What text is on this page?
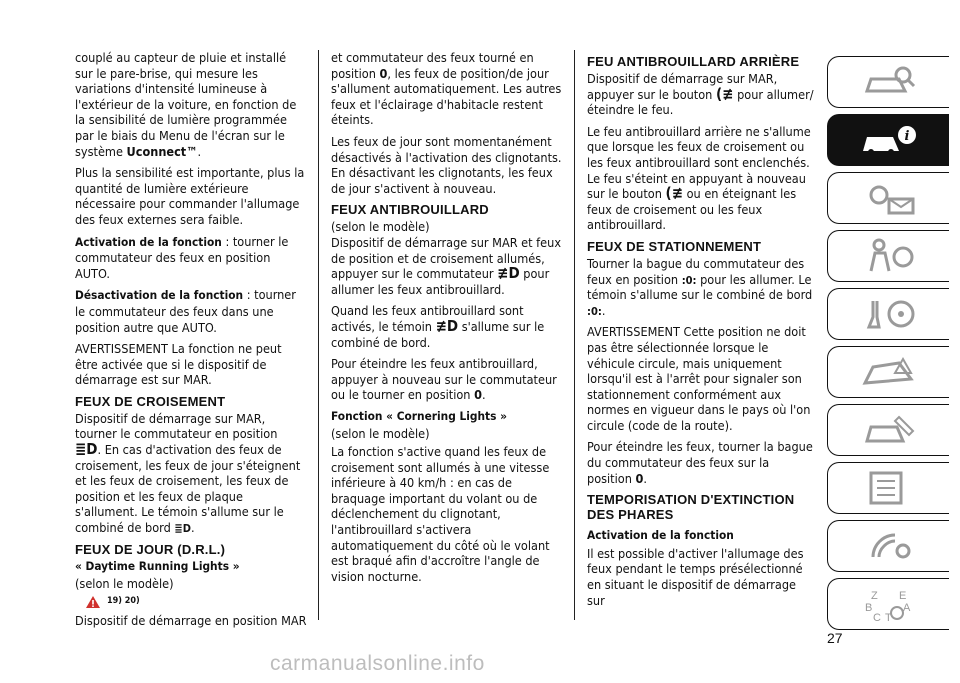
couplé au capteur de pluie et installé sur le pare-brise, qui mesure les variations d'intensité lumineuse à l'extérieur de la voiture, en fonction de la sensibilité de lumière programmée par le biais du Menu de l'écran sur le système Uconnect™.

Plus la sensibilité est importante, plus la quantité de lumière extérieure nécessaire pour commander l'allumage des feux externes sera faible.

Activation de la fonction : tourner le commutateur des feux en position AUTO.

Désactivation de la fonction : tourner le commutateur des feux dans une position autre que AUTO.

AVERTISSEMENT La fonction ne peut être activée que si le dispositif de démarrage est sur MAR.

FEUX DE CROISEMENT

Dispositif de démarrage sur MAR, tourner le commutateur en position
≣D. En cas d'activation des feux de croisement, les feux de jour s'éteignent et les feux de croisement, les feux de position et les feux de plaque s'allument. Le témoin s'allume sur le combiné de bord ≣D.

FEUX DE JOUR (D.R.L.)
« Daytime Running Lights »

(selon le modèle)

19) 20)

Dispositif de démarrage en position MAR

et commutateur des feux tourné en position 0, les feux de position/de jour s'allument automatiquement. Les autres feux et l'éclairage d'habitacle restent éteints.

Les feux de jour sont momentanément désactivés à l'activation des clignotants. En désactivant les clignotants, les feux de jour s'activent à nouveau.

FEUX ANTIBROUILLARD

(selon le modèle)

Dispositif de démarrage sur MAR et feux de position et de croisement allumés, appuyer sur le commutateur ≢D pour allumer les feux antibrouillard.

Quand les feux antibrouillard sont activés, le témoin ≢D s'allume sur le combiné de bord.

Pour éteindre les feux antibrouillard, appuyer à nouveau sur le commutateur ou le tourner en position 0.

Fonction « Cornering Lights »

(selon le modèle)

La fonction s'active quand les feux de croisement sont allumés à une vitesse inférieure à 40 km/h : en cas de braquage important du volant ou de déclenchement du clignotant, l'antibrouillard s'activera automatiquement du côté où le volant est braqué afin d'accroître l'angle de vision nocturne.

FEU ANTIBROUILLARD ARRIÈRE

Dispositif de démarrage sur MAR, appuyer sur le bouton (≢ pour allumer/éteindre le feu.

Le feu antibrouillard arrière ne s'allume que lorsque les feux de croisement ou les feux antibrouillard sont enclenchés. Le feu s'éteint en appuyant à nouveau sur le bouton (≢ ou en éteignant les feux de croisement ou les feux antibrouillard.

FEUX DE STATIONNEMENT

Tourner la bague du commutateur des feux en position :0: pour les allumer. Le témoin s'allume sur le combiné de bord :0:.

AVERTISSEMENT Cette position ne doit pas être sélectionnée lorsque le véhicule circule, mais uniquement lorsqu'il est à l'arrêt pour signaler son stationnement conformément aux normes en vigueur dans le pays où l'on circule (code de la route).

Pour éteindre les feux, tourner la bague du commutateur des feux sur la position 0.

TEMPORISATION D'EXTINCTION DES PHARES
Activation de la fonction

Il est possible d'activer l'allumage des feux pendant le temps présélectionné en situant le dispositif de démarrage sur

i
Z E
B	A
C T
27
carmanualsonline.info
